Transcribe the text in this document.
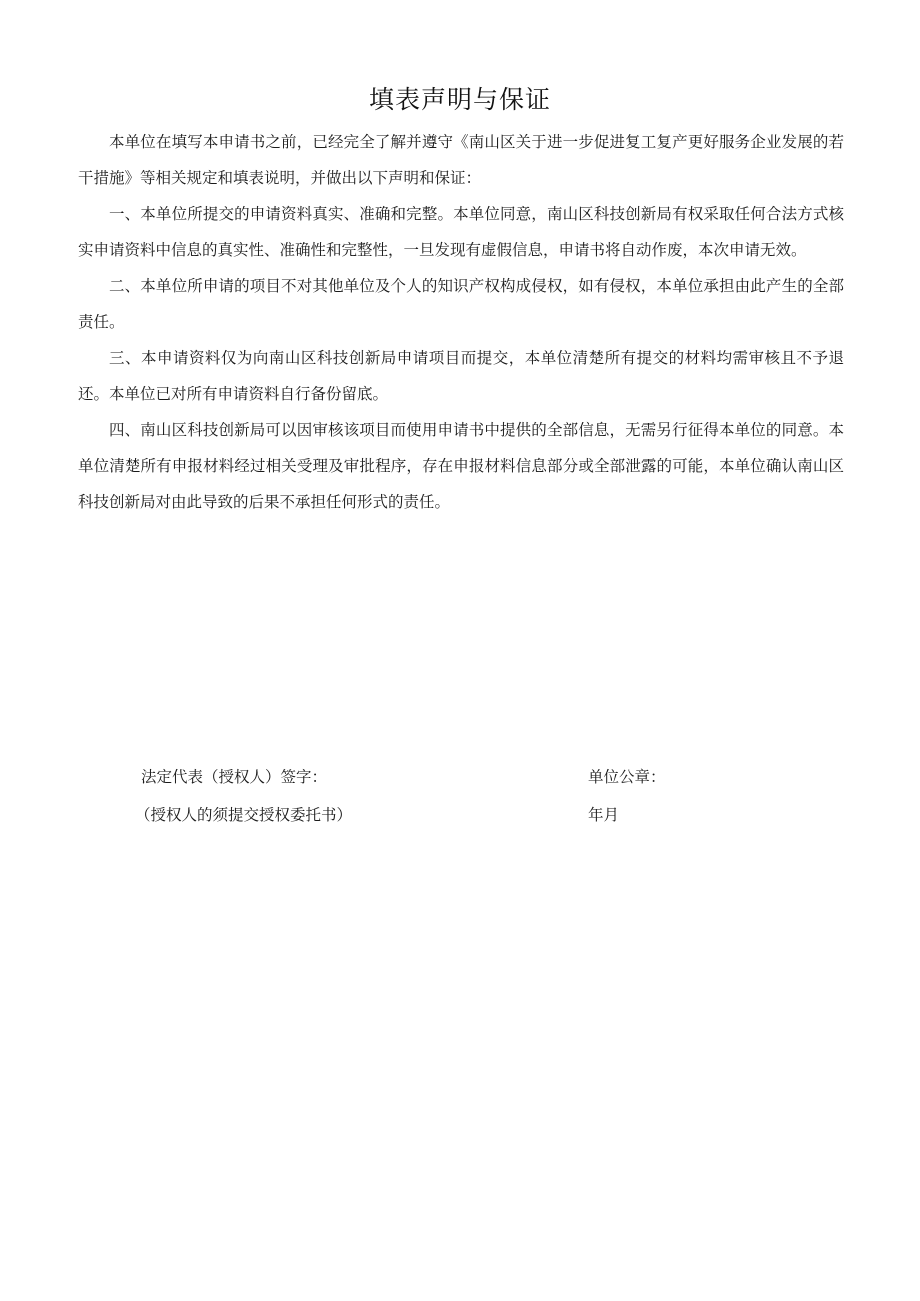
填表声明与保证

本单位在填写本申请书之前，已经完全了解并遵守《南山区关于进一步促进复工复产更好服务企业发展的若干措施》等相关规定和填表说明，并做出以下声明和保证：

一、本单位所提交的申请资料真实、准确和完整。本单位同意，南山区科技创新局有权采取任何合法方式核实申请资料中信息的真实性、准确性和完整性，一旦发现有虚假信息，申请书将自动作废，本次申请无效。

二、本单位所申请的项目不对其他单位及个人的知识产权构成侵权，如有侵权，本单位承担由此产生的全部责任。

三、本申请资料仅为向南山区科技创新局申请项目而提交，本单位清楚所有提交的材料均需审核且不予退还。本单位已对所有申请资料自行备份留底。

四、南山区科技创新局可以因审核该项目而使用申请书中提供的全部信息，无需另行征得本单位的同意。本单位清楚所有申报材料经过相关受理及审批程序，存在申报材料信息部分或全部泄露的可能，本单位确认南山区科技创新局对由此导致的后果不承担任何形式的责任。

法定代表（授权人）签字：
（授权人的须提交授权委托书）
单位公章：
年月
